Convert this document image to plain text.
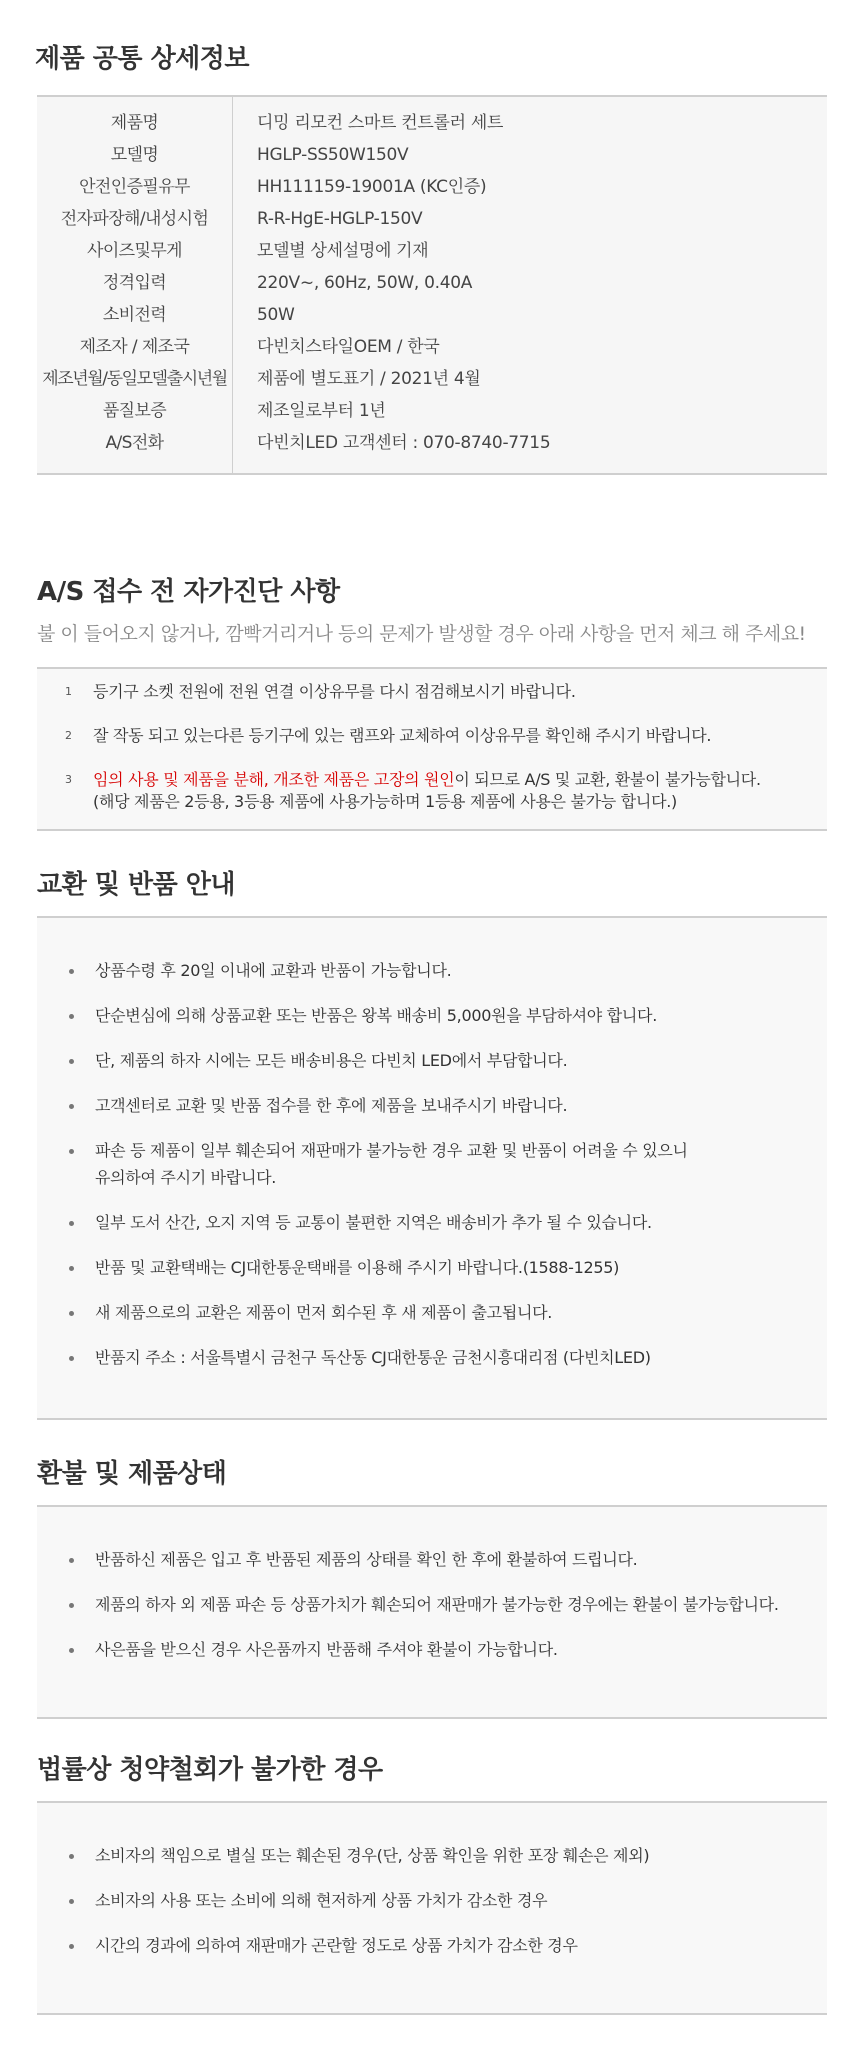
제품 공통 상세정보
제품명	디밍 리모컨 스마트 컨트롤러 세트
모델명	HGLP-SS50W150V
안전인증필유무	HH111159-19001A (KC인증)
전자파장해/내성시험	R-R-HgE-HGLP-150V
사이즈및무게	모델별 상세설명에 기재
정격입력	220V~, 60Hz, 50W, 0.40A
소비전력	50W
제조자 / 제조국	다빈치스타일OEM / 한국
제조년월/동일모델출시년월	제품에 별도표기 / 2021년 4월
품질보증	제조일로부터 1년
A/S전화	다빈치LED 고객센터 : 070-8740-7715
A/S 접수 전 자가진단 사항
불 이 들어오지 않거나, 깜빡거리거나 등의 문제가 발생할 경우 아래 사항을 먼저 체크 해 주세요!
1 등기구 소켓 전원에 전원 연결 이상유무를 다시 점검해보시기 바랍니다.
2 잘 작동 되고 있는다른 등기구에 있는 램프와 교체하여 이상유무를 확인해 주시기 바랍니다.
3 임의 사용 및 제품을 분해, 개조한 제품은 고장의 원인이 되므로 A/S 및 교환, 환불이 불가능합니다.
(해당 제품은 2등용, 3등용 제품에 사용가능하며 1등용 제품에 사용은 불가능 합니다.)
교환 및 반품 안내
상품수령 후 20일 이내에 교환과 반품이 가능합니다.
단순변심에 의해 상품교환 또는 반품은 왕복 배송비 5,000원을 부담하셔야 합니다.
단, 제품의 하자 시에는 모든 배송비용은 다빈치 LED에서 부담합니다.
고객센터로 교환 및 반품 접수를 한 후에 제품을 보내주시기 바랍니다.
파손 등 제품이 일부 훼손되어 재판매가 불가능한 경우 교환 및 반품이 어려울 수 있으니
유의하여 주시기 바랍니다.
일부 도서 산간, 오지 지역 등 교통이 불편한 지역은 배송비가 추가 될 수 있습니다.
반품 및 교환택배는 CJ대한통운택배를 이용해 주시기 바랍니다.(1588-1255)
새 제품으로의 교환은 제품이 먼저 회수된 후 새 제품이 출고됩니다.
반품지 주소 : 서울특별시 금천구 독산동 CJ대한통운 금천시흥대리점 (다빈치LED)
환불 및 제품상태
반품하신 제품은 입고 후 반품된 제품의 상태를 확인 한 후에 환불하여 드립니다.
제품의 하자 외 제품 파손 등 상품가치가 훼손되어 재판매가 불가능한 경우에는 환불이 불가능합니다.
사은품을 받으신 경우 사은품까지 반품해 주셔야 환불이 가능합니다.
법률상 청약철회가 불가한 경우
소비자의 책임으로 별실 또는 훼손된 경우(단, 상품 확인을 위한 포장 훼손은 제외)
소비자의 사용 또는 소비에 의해 현저하게 상품 가치가 감소한 경우
시간의 경과에 의하여 재판매가 곤란할 정도로 상품 가치가 감소한 경우
